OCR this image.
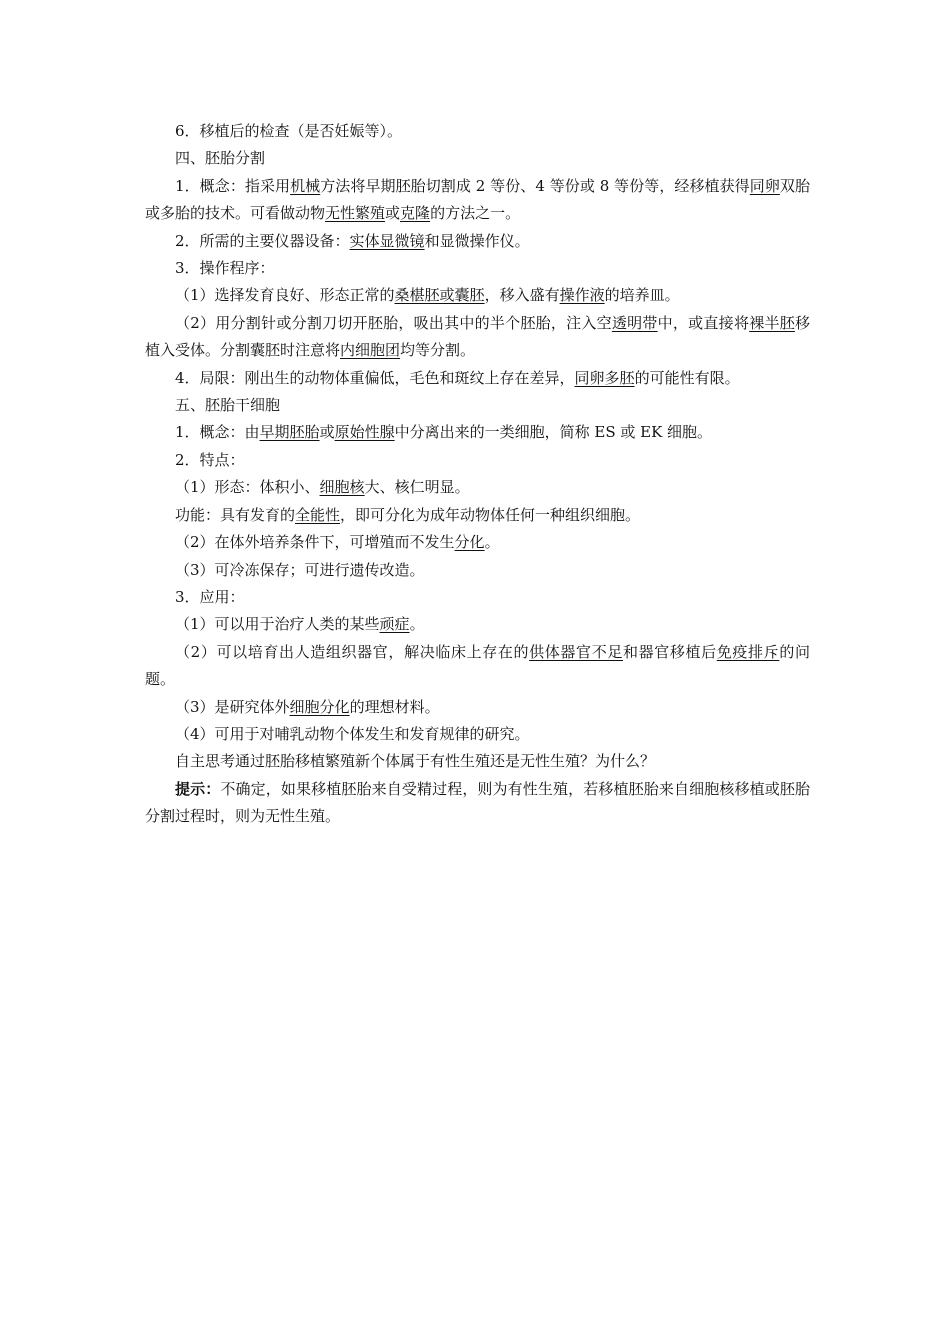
6．移植后的检查（是否妊娠等）。

四、胚胎分割

1．概念：指采用机械方法将早期胚胎切割成 2 等份、4 等份或 8 等份等，经移植获得同卵双胎或多胎的技术。可看做动物无性繁殖或克隆的方法之一。

2．所需的主要仪器设备：实体显微镜和显微操作仪。

3．操作程序：

（1）选择发育良好、形态正常的桑椹胚或囊胚，移入盛有操作液的培养皿。

（2）用分割针或分割刀切开胚胎，吸出其中的半个胚胎，注入空透明带中，或直接将裸半胚移植入受体。分割囊胚时注意将内细胞团均等分割。

4．局限：刚出生的动物体重偏低，毛色和斑纹上存在差异，同卵多胚的可能性有限。

五、胚胎干细胞

1．概念：由早期胚胎或原始性腺中分离出来的一类细胞，简称 ES 或 EK 细胞。

2．特点：

（1）形态：体积小、细胞核大、核仁明显。

功能：具有发育的全能性，即可分化为成年动物体任何一种组织细胞。

（2）在体外培养条件下，可增殖而不发生分化。

（3）可冷冻保存；可进行遗传改造。

3．应用：

（1）可以用于治疗人类的某些顽症。

（2）可以培育出人造组织器官，解决临床上存在的供体器官不足和器官移植后免疫排斥的问题。

（3）是研究体外细胞分化的理想材料。

（4）可用于对哺乳动物个体发生和发育规律的研究。

自主思考通过胚胎移植繁殖新个体属于有性生殖还是无性生殖？为什么？

提示：不确定，如果移植胚胎来自受精过程，则为有性生殖，若移植胚胎来自细胞核移植或胚胎分割过程时，则为无性生殖。
